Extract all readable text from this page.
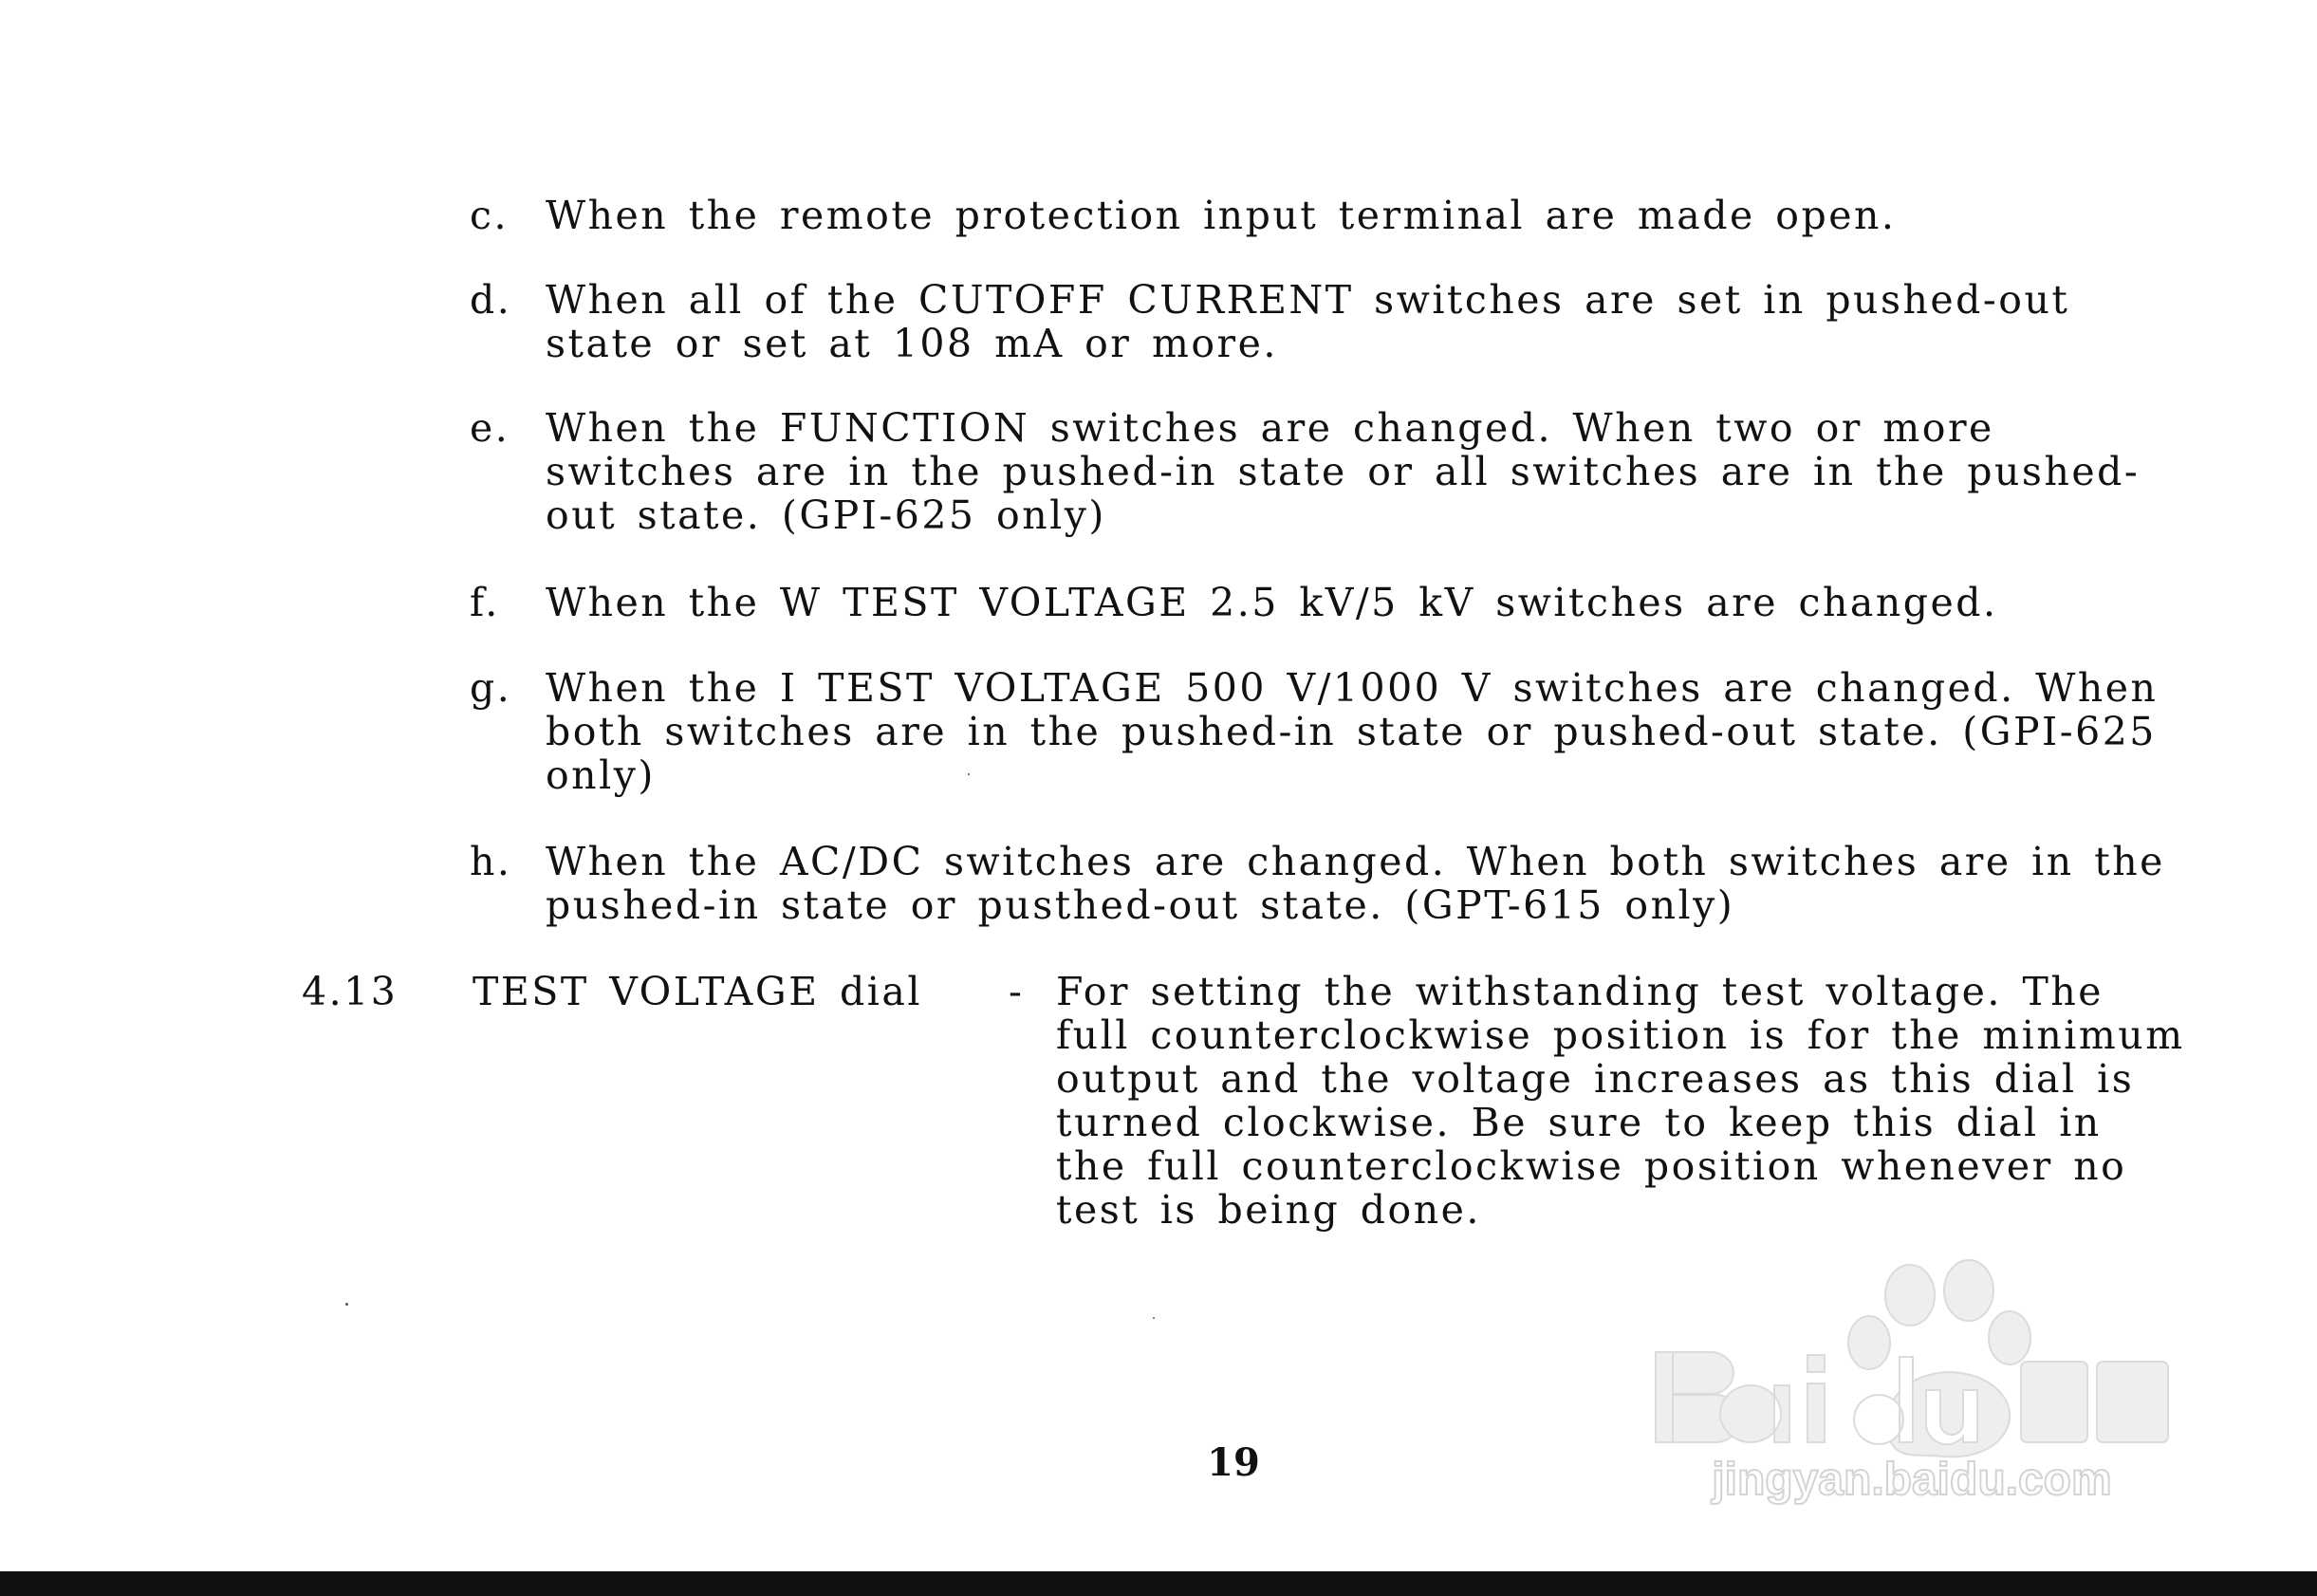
c. When the remote protection input terminal are made open.
d. When all of the CUTOFF CURRENT switches are set in pushed-out state or set at 108 mA or more.
e. When the FUNCTION switches are changed. When two or more switches are in the pushed-in state or all switches are in the pushed-out state. (GPI-625 only)
f. When the W TEST VOLTAGE 2.5 kV/5 kV switches are changed.
g. When the I TEST VOLTAGE 500 V/1000 V switches are changed. When both switches are in the pushed-in state or pushed-out state. (GPI-625 only)
h. When the AC/DC switches are changed. When both switches are in the pushed-in state or pusthed-out state. (GPT-615 only)
4.13 TEST VOLTAGE dial - For setting the withstanding test voltage. The full counterclockwise position is for the minimum output and the voltage increases as this dial is turned clockwise. Be sure to keep this dial in the full counterclockwise position whenever no test is being done.
19	jingyan.baidu.com
